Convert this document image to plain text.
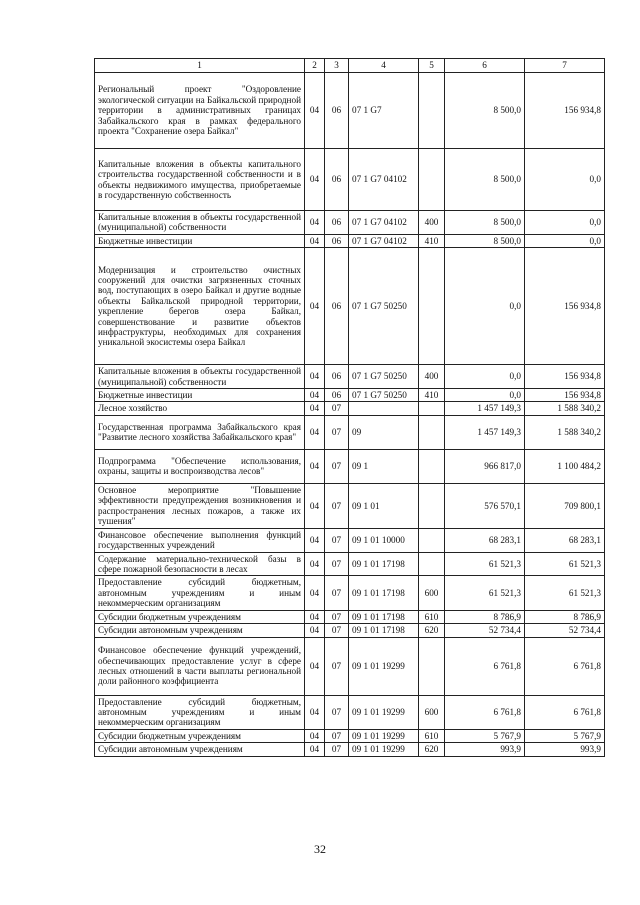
1	2	3	4	5	6	7
Региональный проект "Оздоровление экологической ситуации на Байкальской природной территории в административных границах Забайкальского края в рамках федерального проекта "Сохранение озера Байкал"	04	06	07 1 G7		8 500,0	156 934,8
Капитальные вложения в объекты капитального строительства государственной собственности и в объекты недвижимого имущества, приобретаемые в государственную собственность	04	06	07 1 G7 04102		8 500,0	0,0
Капитальные вложения в объекты государственной (муниципальной) собственности	04	06	07 1 G7 04102	400	8 500,0	0,0
Бюджетные инвестиции	04	06	07 1 G7 04102	410	8 500,0	0,0
Модернизация и строительство очистных сооружений для очистки загрязненных сточных вод, поступающих в озеро Байкал и другие водные объекты Байкальской природной территории, укрепление берегов озера Байкал, совершенствование и развитие объектов инфраструктуры, необходимых для сохранения уникальной экосистемы озера Байкал	04	06	07 1 G7 50250		0,0	156 934,8
Капитальные вложения в объекты государственной (муниципальной) собственности	04	06	07 1 G7 50250	400	0,0	156 934,8
Бюджетные инвестиции	04	06	07 1 G7 50250	410	0,0	156 934,8
Лесное хозяйство	04	07			1 457 149,3	1 588 340,2
Государственная программа Забайкальского края "Развитие лесного хозяйства Забайкальского края"	04	07	09		1 457 149,3	1 588 340,2
Подпрограмма "Обеспечение использования, охраны, защиты и воспроизводства лесов"	04	07	09 1		966 817,0	1 100 484,2
Основное мероприятие "Повышение эффективности предупреждения возникновения и распространения лесных пожаров, а также их тушения"	04	07	09 1 01		576 570,1	709 800,1
Финансовое обеспечение выполнения функций государственных учреждений	04	07	09 1 01 10000		68 283,1	68 283,1
Содержание материально-технической базы в сфере пожарной безопасности в лесах	04	07	09 1 01 17198		61 521,3	61 521,3
Предоставление субсидий бюджетным, автономным учреждениям и иным некоммерческим организациям	04	07	09 1 01 17198	600	61 521,3	61 521,3
Субсидии бюджетным учреждениям	04	07	09 1 01 17198	610	8 786,9	8 786,9
Субсидии автономным учреждениям	04	07	09 1 01 17198	620	52 734,4	52 734,4
Финансовое обеспечение функций учреждений, обеспечивающих предоставление услуг в сфере лесных отношений в части выплаты региональной доли районного коэффициента	04	07	09 1 01 19299		6 761,8	6 761,8
Предоставление субсидий бюджетным, автономным учреждениям и иным некоммерческим организациям	04	07	09 1 01 19299	600	6 761,8	6 761,8
Субсидии бюджетным учреждениям	04	07	09 1 01 19299	610	5 767,9	5 767,9
Субсидии автономным учреждениям	04	07	09 1 01 19299	620	993,9	993,9
32
